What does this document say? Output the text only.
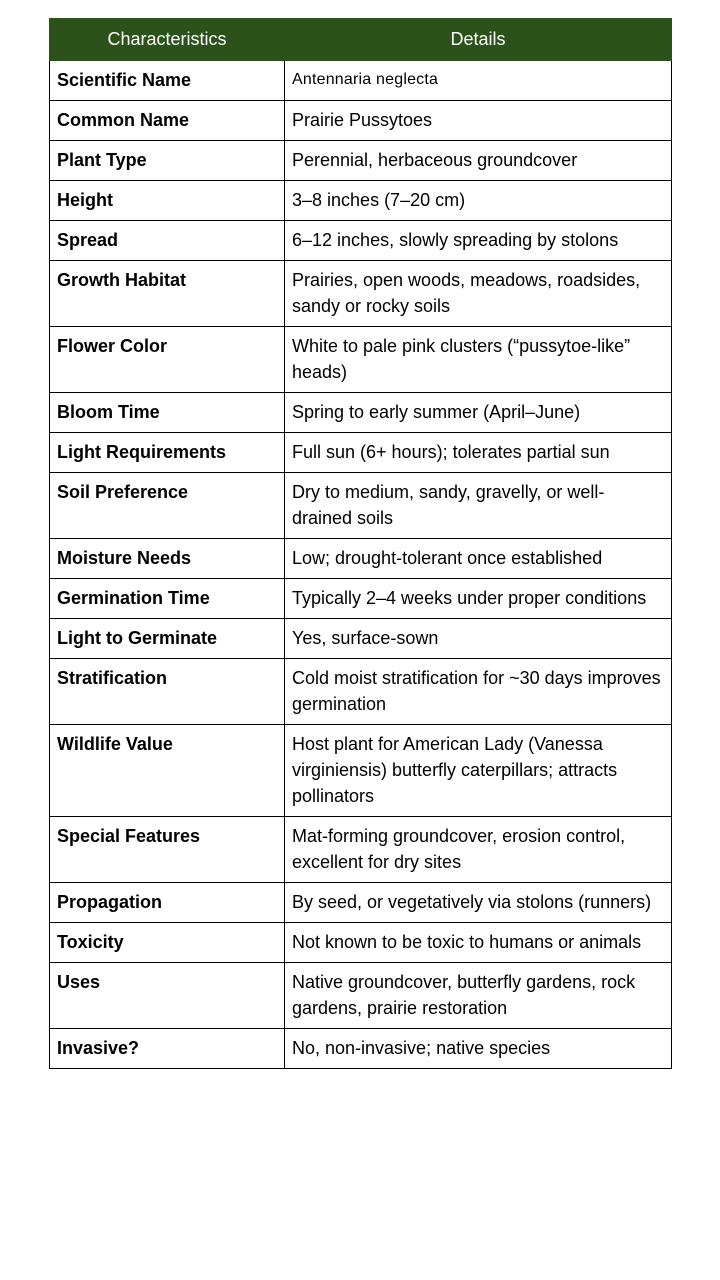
Characteristics	Details
Scientific Name	Antennaria neglecta
Common Name	Prairie Pussytoes
Plant Type	Perennial, herbaceous groundcover
Height	3–8 inches (7–20 cm)
Spread	6–12 inches, slowly spreading by stolons
Growth Habitat	Prairies, open woods, meadows, roadsides, sandy or rocky soils
Flower Color	White to pale pink clusters (“pussytoe-like” heads)
Bloom Time	Spring to early summer (April–June)
Light Requirements	Full sun (6+ hours); tolerates partial sun
Soil Preference	Dry to medium, sandy, gravelly, or well-drained soils
Moisture Needs	Low; drought-tolerant once established
Germination Time	Typically 2–4 weeks under proper conditions
Light to Germinate	Yes, surface-sown
Stratification	Cold moist stratification for ~30 days improves germination
Wildlife Value	Host plant for American Lady (Vanessa virginiensis) butterfly caterpillars; attracts pollinators
Special Features	Mat-forming groundcover, erosion control, excellent for dry sites
Propagation	By seed, or vegetatively via stolons (runners)
Toxicity	Not known to be toxic to humans or animals
Uses	Native groundcover, butterfly gardens, rock gardens, prairie restoration
Invasive?	No, non-invasive; native species
